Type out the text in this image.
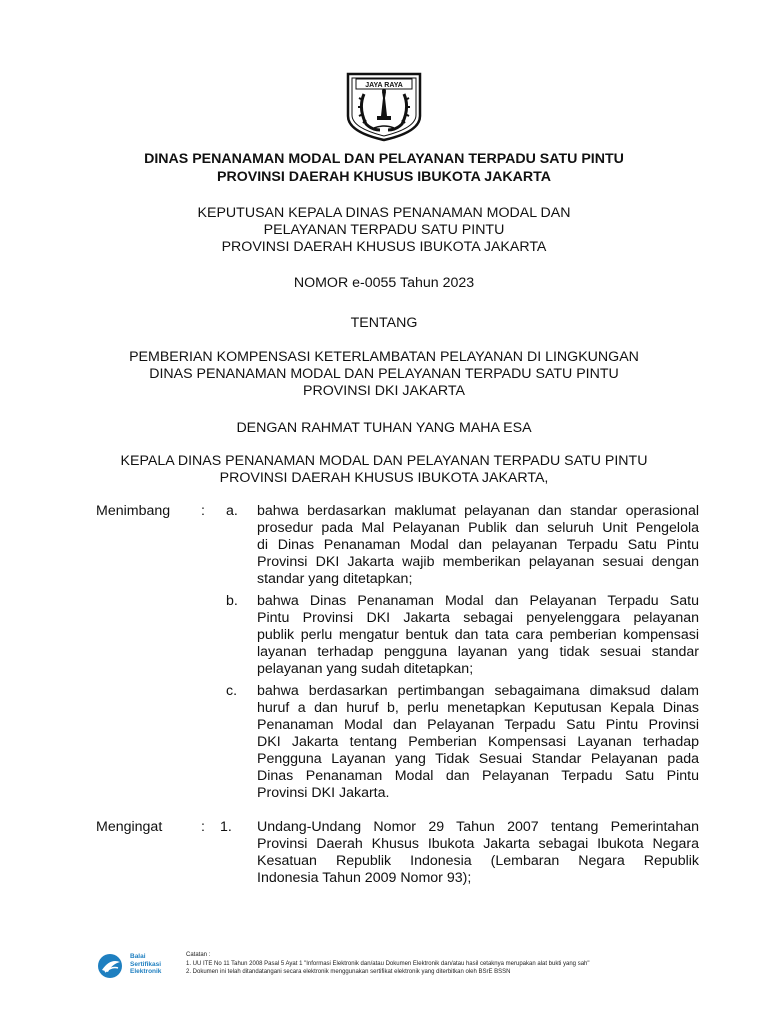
JAYA RAYA
DINAS PENANAMAN MODAL DAN PELAYANAN TERPADU SATU PINTU
PROVINSI DAERAH KHUSUS IBUKOTA JAKARTA
KEPUTUSAN KEPALA DINAS PENANAMAN MODAL DAN
PELAYANAN TERPADU SATU PINTU
PROVINSI DAERAH KHUSUS IBUKOTA JAKARTA
NOMOR e-0055 Tahun 2023
TENTANG
PEMBERIAN KOMPENSASI KETERLAMBATAN PELAYANAN DI LINGKUNGAN
DINAS PENANAMAN MODAL DAN PELAYANAN TERPADU SATU PINTU
PROVINSI DKI JAKARTA
DENGAN RAHMAT TUHAN YANG MAHA ESA
KEPALA DINAS PENANAMAN MODAL DAN PELAYANAN TERPADU SATU PINTU
PROVINSI DAERAH KHUSUS IBUKOTA JAKARTA,
Menimbang : a. bahwa berdasarkan maklumat pelayanan dan standar operasional
prosedur pada Mal Pelayanan Publik dan seluruh Unit Pengelola
di Dinas Penanaman Modal dan pelayanan Terpadu Satu Pintu
Provinsi DKI Jakarta wajib memberikan pelayanan sesuai dengan
standar yang ditetapkan;
b. bahwa Dinas Penanaman Modal dan Pelayanan Terpadu Satu
Pintu Provinsi DKI Jakarta sebagai penyelenggara pelayanan
publik perlu mengatur bentuk dan tata cara pemberian kompensasi
layanan terhadap pengguna layanan yang tidak sesuai standar
pelayanan yang sudah ditetapkan;
c. bahwa berdasarkan pertimbangan sebagaimana dimaksud dalam
huruf a dan huruf b, perlu menetapkan Keputusan Kepala Dinas
Penanaman Modal dan Pelayanan Terpadu Satu Pintu Provinsi
DKI Jakarta tentang Pemberian Kompensasi Layanan terhadap
Pengguna Layanan yang Tidak Sesuai Standar Pelayanan pada
Dinas Penanaman Modal dan Pelayanan Terpadu Satu Pintu
Provinsi DKI Jakarta.
Mengingat	: 1. Undang-Undang Nomor 29 Tahun 2007 tentang Pemerintahan
Provinsi Daerah Khusus Ibukota Jakarta sebagai Ibukota Negara
Kesatuan Republik Indonesia (Lembaran Negara Republik
Indonesia Tahun 2009 Nomor 93);
Balai
Sertifikasi
Elektronik
Catatan :
1. UU ITE No 11 Tahun 2008 Pasal 5 Ayat 1 "Informasi Elektronik dan/atau Dokumen Elektronik dan/atau hasil cetaknya merupakan alat bukti yang sah"
2. Dokumen ini telah ditandatangani secara elektronik menggunakan sertifikat elektronik yang diterbitkan oleh BSrE BSSN
